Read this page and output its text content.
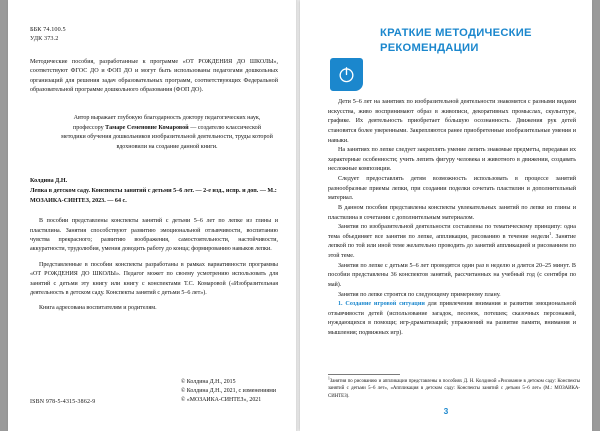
ББК 74.100.5
УДК 373.2
Методические пособия, разработанные к программе «ОТ РОЖДЕНИЯ ДО ШКОЛЫ», соответствуют ФГОС ДО и ФОП ДО и могут быть использованы педагогами дошкольных организаций для решения задач образовательных программ, соответствующих Федеральной образовательной программе дошкольного образования (ФОП ДО).
Автор выражает глубокую благодарность доктору педагогических наук, профессору Тамаре Семеновне Комаровой — создателю классической методики обучения дошкольников изобразительной деятельности, труды которой вдохновили на создание данной книги.
Колдина Д.Н.
Лепка в детском саду. Конспекты занятий с детьми 5–6 лет. — 2-е изд., испр. и доп. — М.: МОЗАИКА-СИНТЕЗ, 2023. — 64 с.

В пособии представлены конспекты занятий с детьми 5–6 лет по лепке из глины и пластилина. Занятия способствуют развитию эмоциональной отзывчивости, воспитанию чувства прекрасного; развитию воображения, самостоятельности, настойчивости, аккуратности, трудолюбия, умения доводить работу до конца; формированию навыков лепки.

Представленные в пособии конспекты разработаны в рамках вариативности программы «ОТ РОЖДЕНИЯ ДО ШКОЛЫ». Педагог может по своему усмотрению использовать для занятий с детьми эту книгу или книгу с конспектами Т.С. Комаровой («Изобразительная деятельность в детском саду. Конспекты занятий с детьми 5–6 лет»).

Книга адресована воспитателям и родителям.

ISBN 978-5-4315-3862-9
© Колдина Д.Н., 2015
© Колдина Д.Н., 2021, с изменениями
© «МОЗАИКА-СИНТЕЗ», 2021
КРАТКИЕ МЕТОДИЧЕСКИЕ РЕКОМЕНДАЦИИ

Дети 5–6 лет на занятиях по изобразительной деятельности знакомятся с разными видами искусства, живо воспринимают образ в живописи, декоративных промыслах, скульптуре, графике. Их деятельность приобретает бо́льшую осознанность. Движения рук детей становятся более уверенными. Закрепляются ранее приобретенные изобразительные умения и навыки.

На занятиях по лепке следует закреплять умение лепить знакомые предметы, передавая их характерные особенности; учить лепить фигуру человека и животного в движении, создавать несложные композиции.

Следует предоставлять детям возможность использовать в процессе занятий разнообразные приемы лепки, при создании поделки сочетать пластилин и дополнительный материал.

В данном пособии представлены конспекты увлекательных занятий по лепке из глины и пластилина в сочетании с дополнительным материалом.

Занятия по изобразительной деятельности составлены по тематическому принципу: одна тема объединяет все занятия по лепке, аппликации, рисованию в течение недели$^1$. Занятие лепкой по той или иной теме желательно проводить до занятий аппликацией и рисованием по этой теме.

Занятия по лепке с детьми 5–6 лет проводятся один раз в неделю и длятся 20–25 минут. В пособии представлены 36 конспектов занятий, рассчитанных на учебный год (с сентября по май).

Занятия по лепке строятся по следующему примерному плану.

1. Создание игровой ситуации для привлечения внимания и развития эмоциональной отзывчивости детей (использование загадок, песенок, потешек; сказочных персонажей, нуждающихся в помощи; игр-драматизаций; упражнений на развитие памяти, внимания и мышления; подвижных игр).

$^1$Занятия по рисованию и аппликации представлены в пособиях Д. Н. Колдиной «Рисование в детском саду: Конспекты занятий с детьми 5–6 лет», «Аппликация в детском саду: Конспекты занятий с детьми 5–6 лет» (М.: МОЗАИКА-СИНТЕЗ).
3
